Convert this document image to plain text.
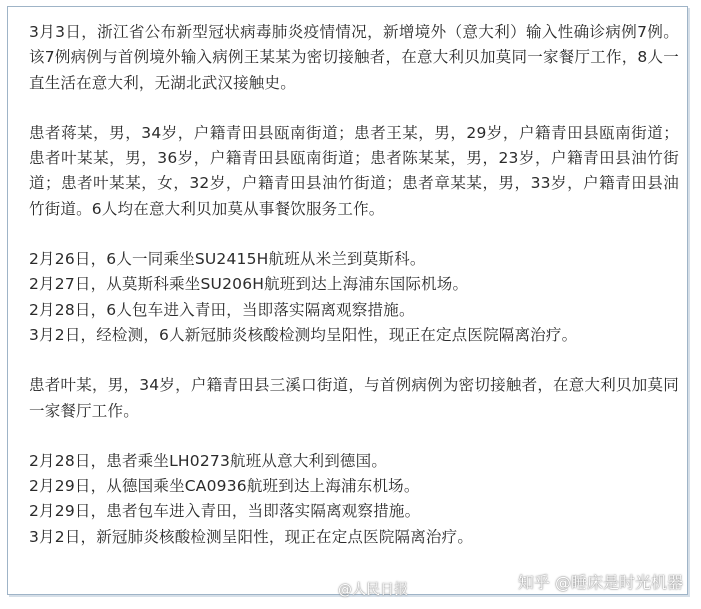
3月3日，浙江省公布新型冠状病毒肺炎疫情情况，新增境外（意大利）输入性确诊病例7例。该7例病例与首例境外输入病例王某某为密切接触者，在意大利贝加莫同一家餐厅工作，8人一直生活在意大利，无湖北武汉接触史。

患者蒋某，男，34岁，户籍青田县瓯南街道；患者王某，男，29岁，户籍青田县瓯南街道；患者叶某某，男，36岁，户籍青田县瓯南街道；患者陈某某，男，23岁，户籍青田县油竹街道；患者叶某某，女，32岁，户籍青田县油竹街道；患者章某某，男，33岁，户籍青田县油竹街道。6人均在意大利贝加莫从事餐饮服务工作。

2月26日，6人一同乘坐SU2415H航班从米兰到莫斯科。
2月27日，从莫斯科乘坐SU206H航班到达上海浦东国际机场。
2月28日，6人包车进入青田，当即落实隔离观察措施。
3月2日，经检测，6人新冠肺炎核酸检测均呈阳性，现正在定点医院隔离治疗。

患者叶某，男，34岁，户籍青田县三溪口街道，与首例病例为密切接触者，在意大利贝加莫同一家餐厅工作。

2月28日，患者乘坐LH0273航班从意大利到德国。
2月29日，从德国乘坐CA0936航班到达上海浦东机场。
2月29日，患者包车进入青田，当即落实隔离观察措施。
3月2日，新冠肺炎核酸检测呈阳性，现正在定点医院隔离治疗。

@人民日报	知乎 @睡床是时光机器
